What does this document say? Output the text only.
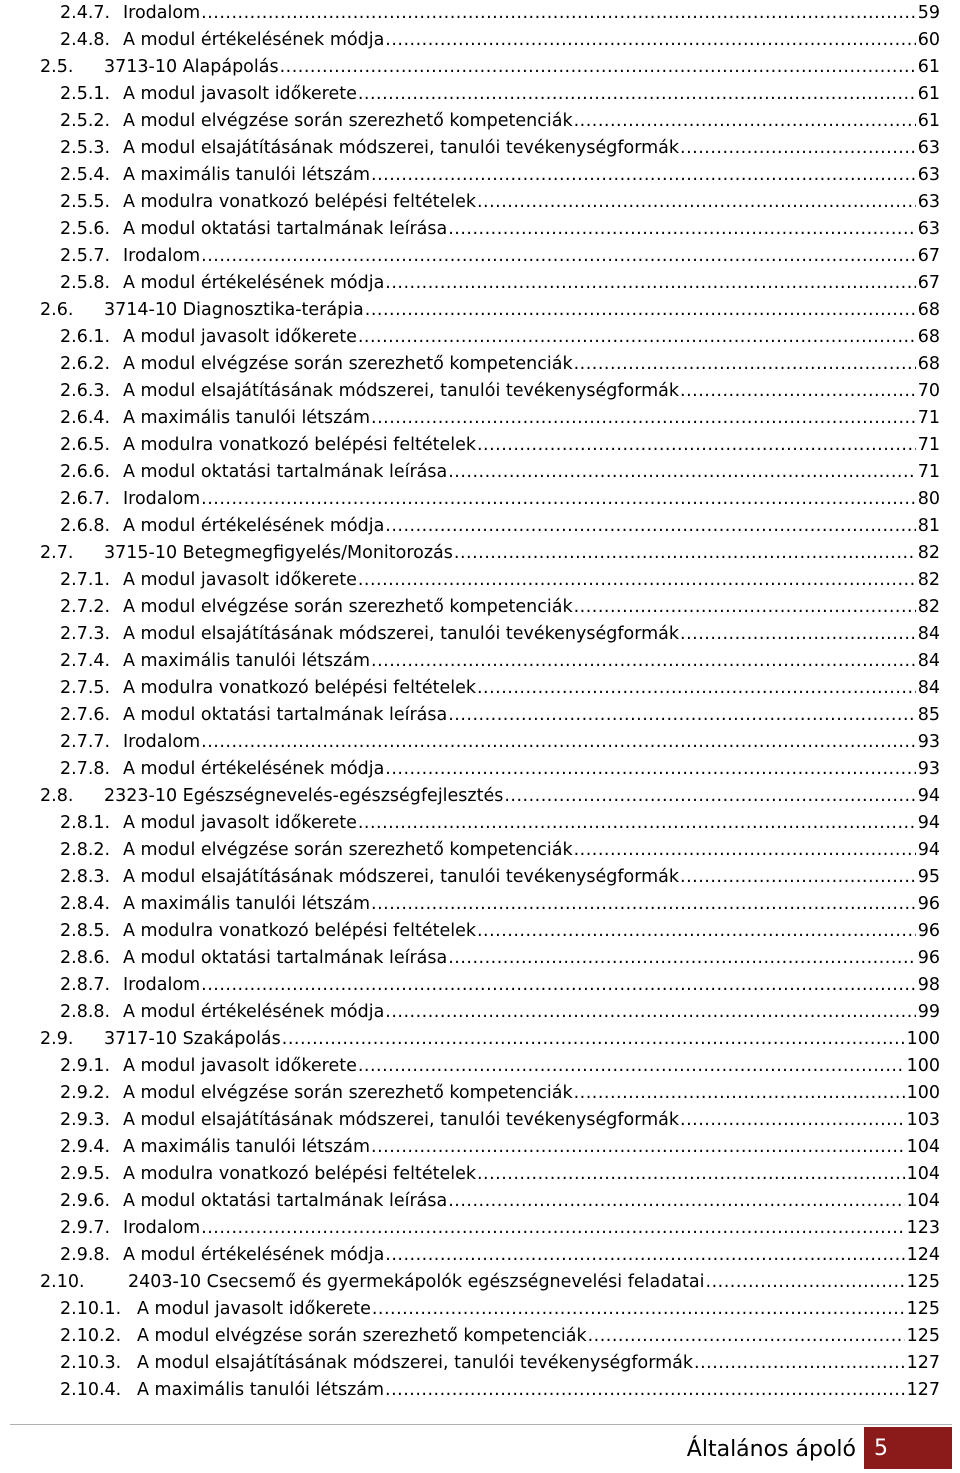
2.4.7. Irodalom .....	59
2.4.8. A modul értékelésének módja .....	60
2.5.	3713-10 Alapápolás .....	61
2.5.1. A modul javasolt időkerete .....	61
2.5.2. A modul elvégzése során szerezhető kompetenciák .....	61
2.5.3. A modul elsajátításának módszerei, tanulói tevékenységformák .....	63
2.5.4. A maximális tanulói létszám .....	63
2.5.5. A modulra vonatkozó belépési feltételek .....	63
2.5.6. A modul oktatási tartalmának leírása .....	63
2.5.7. Irodalom .....	67
2.5.8. A modul értékelésének módja .....	67
2.6.	3714-10 Diagnosztika-terápia .....	68
2.6.1. A modul javasolt időkerete .....	68
2.6.2. A modul elvégzése során szerezhető kompetenciák .....	68
2.6.3. A modul elsajátításának módszerei, tanulói tevékenységformák .....	70
2.6.4. A maximális tanulói létszám .....	71
2.6.5. A modulra vonatkozó belépési feltételek .....	71
2.6.6. A modul oktatási tartalmának leírása .....	71
2.6.7. Irodalom .....	80
2.6.8. A modul értékelésének módja .....	81
2.7.	3715-10 Betegmegfigyelés/Monitorozás .....	82
2.7.1. A modul javasolt időkerete .....	82
2.7.2. A modul elvégzése során szerezhető kompetenciák .....	82
2.7.3. A modul elsajátításának módszerei, tanulói tevékenységformák .....	84
2.7.4. A maximális tanulói létszám .....	84
2.7.5. A modulra vonatkozó belépési feltételek .....	84
2.7.6. A modul oktatási tartalmának leírása .....	85
2.7.7. Irodalom .....	93
2.7.8. A modul értékelésének módja .....	93
2.8.	2323-10 Egészségnevelés-egészségfejlesztés .....	94
2.8.1. A modul javasolt időkerete .....	94
2.8.2. A modul elvégzése során szerezhető kompetenciák .....	94
2.8.3. A modul elsajátításának módszerei, tanulói tevékenységformák .....	95
2.8.4. A maximális tanulói létszám .....	96
2.8.5. A modulra vonatkozó belépési feltételek .....	96
2.8.6. A modul oktatási tartalmának leírása .....	96
2.8.7. Irodalom .....	98
2.8.8. A modul értékelésének módja .....	99
2.9.	3717-10 Szakápolás .....	100
2.9.1. A modul javasolt időkerete .....	100
2.9.2. A modul elvégzése során szerezhető kompetenciák .....	100
2.9.3. A modul elsajátításának módszerei, tanulói tevékenységformák .....	103
2.9.4. A maximális tanulói létszám .....	104
2.9.5. A modulra vonatkozó belépési feltételek .....	104
2.9.6. A modul oktatási tartalmának leírása .....	104
2.9.7. Irodalom .....	123
2.9.8. A modul értékelésének módja .....	124
2.10.	2403-10 Csecsemő és gyermekápolók egészségnevelési feladatai .....	125
2.10.1. A modul javasolt időkerete .....	125
2.10.2. A modul elvégzése során szerezhető kompetenciák .....	125
2.10.3. A modul elsajátításának módszerei, tanulói tevékenységformák .....	127
2.10.4. A maximális tanulói létszám .....	127
Általános ápoló 5
